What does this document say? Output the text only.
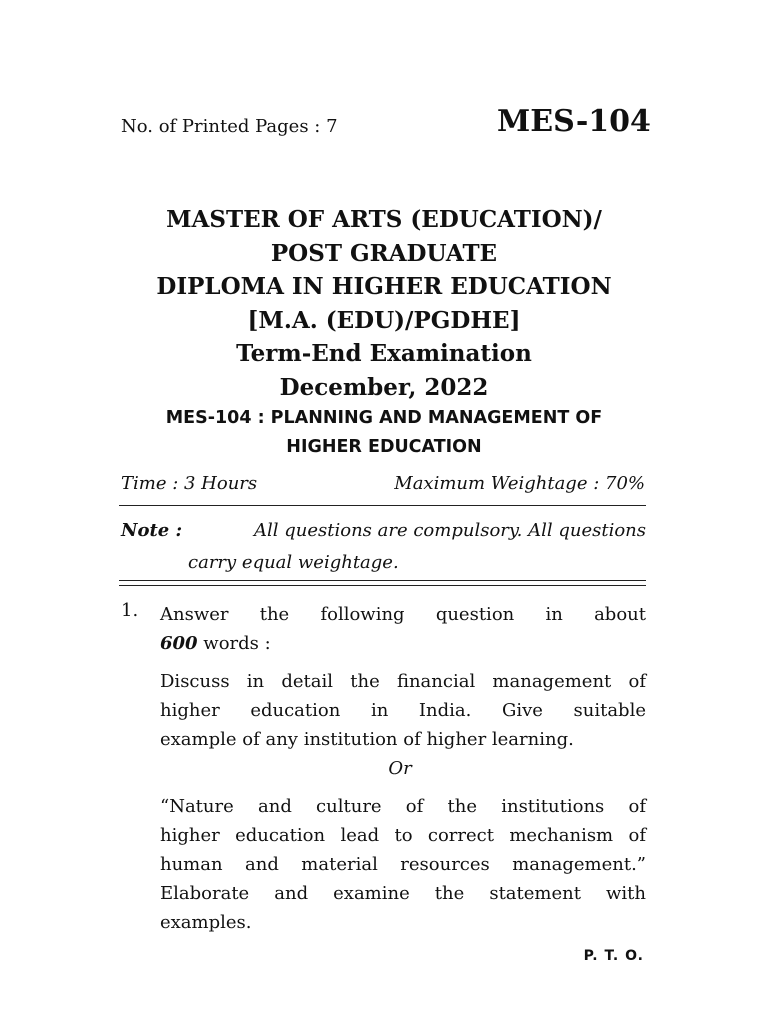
No. of Printed Pages : 7	MES-104
MASTER OF ARTS (EDUCATION)/
POST GRADUATE
DIPLOMA IN HIGHER EDUCATION
[M.A. (EDU)/PGDHE]
Term-End Examination
December, 2022
MES-104 : PLANNING AND MANAGEMENT OF
HIGHER EDUCATION
Time : 3 Hours	Maximum Weightage : 70%
Note :	All questions are compulsory. All questions
carry equal weightage.
1. Answer the following question in about
600 words :
Discuss in detail the financial management of
higher education in India. Give suitable
example of any institution of higher learning.
Or
“Nature and culture of the institutions of
higher education lead to correct mechanism of
human and material resources management.”
Elaborate and examine the statement with
examples.
P. T. O.
